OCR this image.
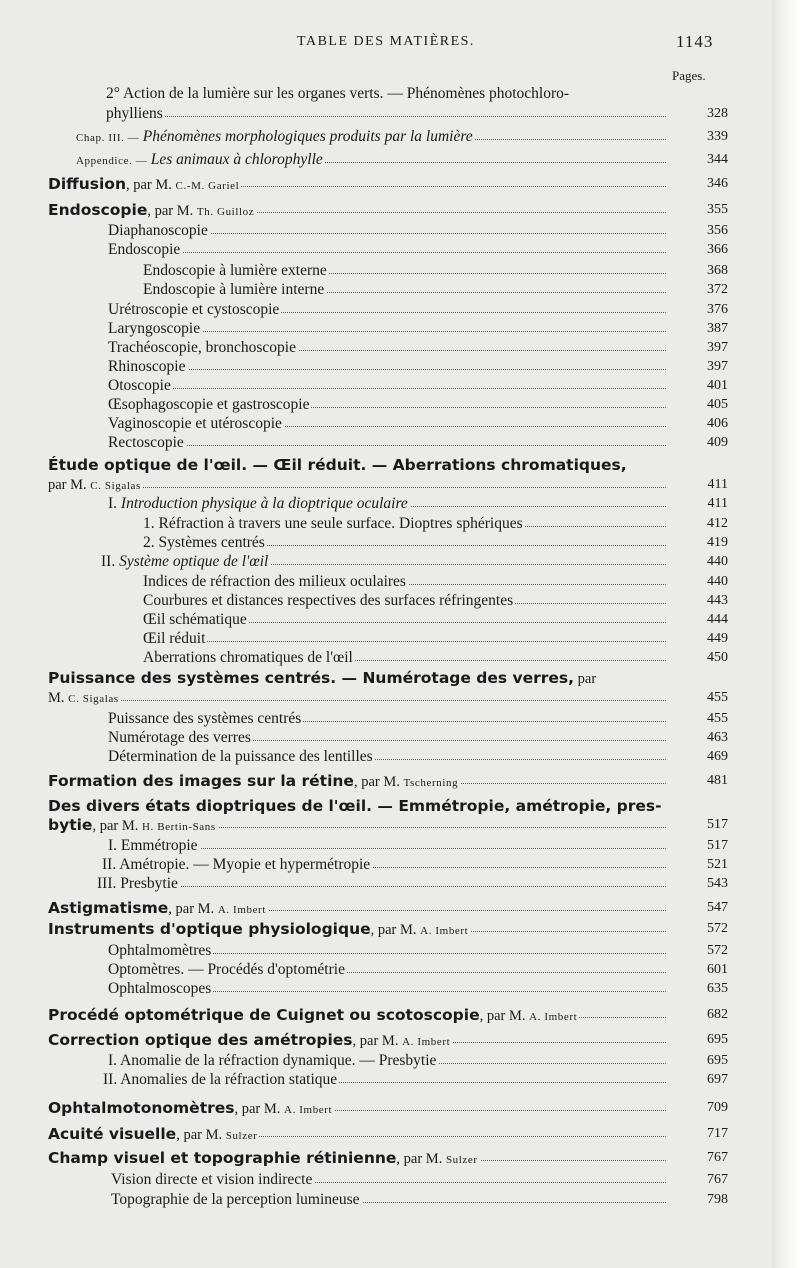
TABLE DES MATIÈRES.	1143
Pages.
2° Action de la lumière sur les organes verts. — Phénomènes photochloro-
phylliens	328
Chap. III. — Phénomènes morphologiques produits par la lumière	339
Appendice. — Les animaux à chlorophylle	344
Diffusion, par M. C.-M. Gariel	346
Endoscopie, par M. Th. Guilloz	355
Diaphanoscopie	356
Endoscopie	366
Endoscopie à lumière externe	368
Endoscopie à lumière interne	372
Urétroscopie et cystoscopie	376
Laryngoscopie	387
Trachéoscopie, bronchoscopie	397
Rhinoscopie	397
Otoscopie	401
Œsophagoscopie et gastroscopie	405
Vaginoscopie et utéroscopie	406
Rectoscopie	409
Étude optique de l'œil. — Œil réduit. — Aberrations chromatiques,
par M. C. Sigalas	411
I. Introduction physique à la dioptrique oculaire	411
1. Réfraction à travers une seule surface. Dioptres sphériques	412
2. Systèmes centrés	419
II. Système optique de l'œil	440
Indices de réfraction des milieux oculaires	440
Courbures et distances respectives des surfaces réfringentes	443
Œil schématique	444
Œil réduit	449
Aberrations chromatiques de l'œil	450
Puissance des systèmes centrés. — Numérotage des verres, par
M. C. Sigalas	455
Puissance des systèmes centrés	455
Numérotage des verres	463
Détermination de la puissance des lentilles	469
Formation des images sur la rétine, par M. Tscherning	481
Des divers états dioptriques de l'œil. — Emmétropie, amétropie, pres-
bytie, par M. H. Bertin-Sans	517
I. Emmétropie	517
II. Amétropie. — Myopie et hypermétropie	521
III. Presbytie	543
Astigmatisme, par M. A. Imbert	547
Instruments d'optique physiologique, par M. A. Imbert	572
Ophtalmomètres	572
Optomètres. — Procédés d'optométrie	601
Ophtalmoscopes	635
Procédé optométrique de Cuignet ou scotoscopie, par M. A. Imbert	682
Correction optique des amétropies, par M. A. Imbert	695
I. Anomalie de la réfraction dynamique. — Presbytie	695
II. Anomalies de la réfraction statique	697
Ophtalmotonomètres, par M. A. Imbert	709
Acuité visuelle, par M. Sulzer	717
Champ visuel et topographie rétinienne, par M. Sulzer	767
Vision directe et vision indirecte	767
Topographie de la perception lumineuse	798
